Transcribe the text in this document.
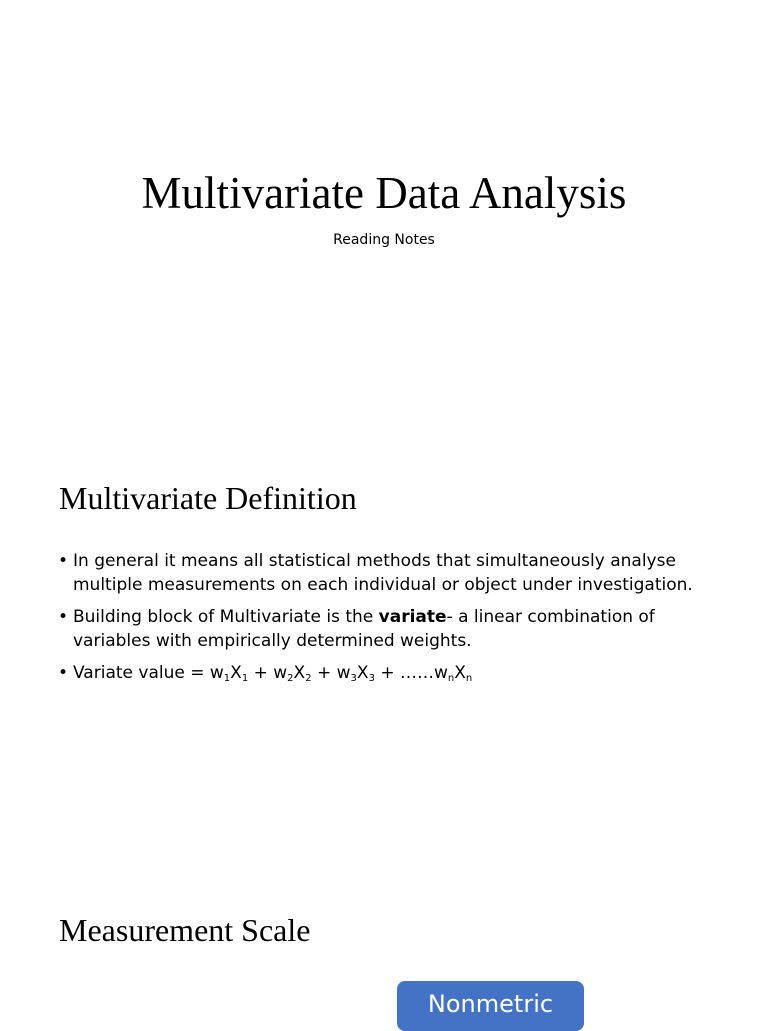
Multivariate Data Analysis

Reading Notes

Multivariate Definition
• In general it means all statistical methods that simultaneously analyse multiple measurements on each individual or object under investigation.
• Building block of Multivariate is the variate- a linear combination of variables with empirically determined weights.
• Variate value = $w_1X_1 + w_2X_2 + w_3X_3$ + $\dots\dots w_nX_n$
Measurement Scale
Nonmetric
